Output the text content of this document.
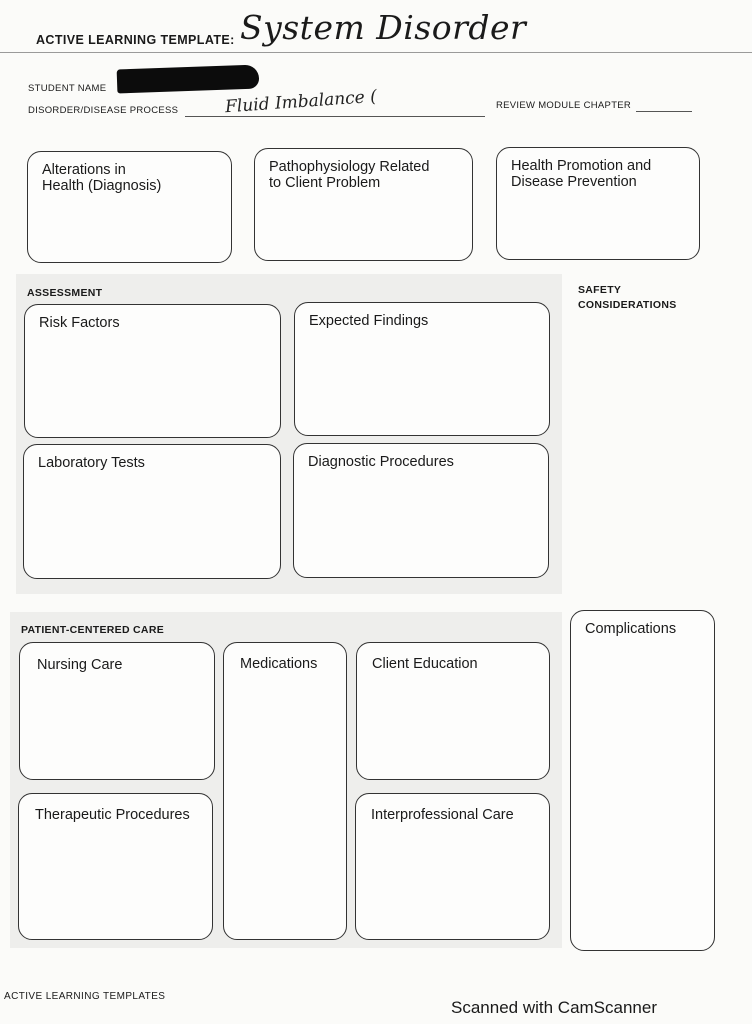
ACTIVE LEARNING TEMPLATE: System Disorder
STUDENT NAME
DISORDER/DISEASE PROCESS	Fluid Imbalance (	REVIEW MODULE CHAPTER
Alterations in
Health (Diagnosis)
Pathophysiology Related
to Client Problem
Health Promotion and
Disease Prevention
ASSESSMENT	SAFETY
CONSIDERATIONS
Risk Factors	Expected Findings
Laboratory Tests	Diagnostic Procedures
PATIENT-CENTERED CARE	Complications
Nursing Care	Medications	Client Education
Therapeutic Procedures	Interprofessional Care
ACTIVE LEARNING TEMPLATES
Scanned with CamScanner
